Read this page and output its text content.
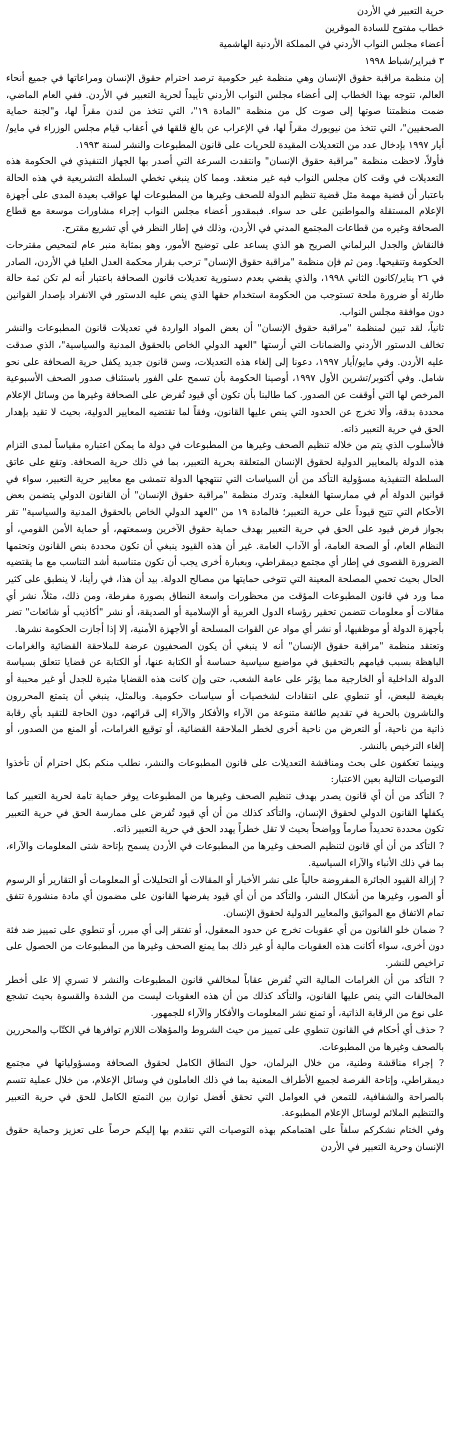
حرية التعبير في الأردن

خطاب مفتوح للسادة الموقرين

أعضاء مجلس النواب الأردني في المملكة الأردنية الهاشمية

٣ فبراير/شباط ١٩٩٨

إن منظمة مراقبة حقوق الإنسان وهي منظمة غير حكومية ترصد احترام حقوق الإنسان ومراعاتها في جميع أنحاء العالم، تتوجه بهذا الخطاب إلى أعضاء مجلس النواب الأردني تأييداً لحرية التعبير في الأردن. ففي العام الماضي، ضمت منظمتنا صوتها إلى صوت كل من منظمة "المادة ١٩"، التي تتخذ من لندن مقراً لها، و"لجنة حماية الصحفيين"، التي تتخذ من نيويورك مقراً لها، في الإعراب عن بالغ قلقها في أعقاب قيام مجلس الوزراء في مايو/أيار ١٩٩٧ بإدخال عدد من التعديلات المقيدة للحريات على قانون المطبوعات والنشر لسنة ١٩٩٣.

فأولاً، لاحظت منظمة "مراقبة حقوق الإنسان" وانتقدت السرعة التي أصدر بها الجهاز التنفيذي في الحكومة هذه التعديلات في وقت كان مجلس النواب فيه غير منعقد. ومما كان ينبغي تخطي السلطة التشريعية في هذه الحالة باعتبار أن قضية مهمة مثل قضية تنظيم الدولة للصحف وغيرها من المطبوعات لها عواقب بعيدة المدى على أجهزة الإعلام المستقلة والمواطنين على حد سواء. فبمقدور أعضاء مجلس النواب إجراء مشاورات موسعة مع قطاع الصحافة وغيره من قطاعات المجتمع المدني في الأردن، وذلك في إطار النظر في أي تشريع مقترح.

فالنقاش والجدل البرلماني الصريح هو الذي يساعد على توضيح الأمور، وهو بمثابة منبر عام لتمحيص مقترحات الحكومة وتنقيحها. ومن ثم فإن منظمة "مراقبة حقوق الإنسان" ترحب بقرار محكمة العدل العليا في الأردن، الصادر في ٢٦ يناير/كانون الثاني ١٩٩٨، والذي يقضي بعدم دستورية تعديلات قانون الصحافة باعتبار أنه لم تكن ثمة حالة طارئة أو ضرورة ملحة تستوجب من الحكومة استخدام حقها الذي ينص عليه الدستور في الانفراد بإصدار القوانين دون موافقة مجلس النواب.

ثانياً، لقد تبين لمنظمة "مراقبة حقوق الإنسان" أن بعض المواد الواردة في تعديلات قانون المطبوعات والنشر تخالف الدستور الأردني والضمانات التي أرستها "العهد الدولي الخاص بالحقوق المدنية والسياسية"، الذي صدقت عليه الأردن. وفي مايو/أيار ١٩٩٧، دعونا إلى إلغاء هذه التعديلات، وسن قانون جديد يكفل حرية الصحافة على نحو شامل. وفي أكتوبر/تشرين الأول ١٩٩٧، أوصينا الحكومة بأن تسمح على الفور باستئناف صدور الصحف الأسبوعية المرخص لها التي أوقفت عن الصدور. كما طالبنا بأن تكون أي قيود تُفرض على الصحافة وغيرها من وسائل الإعلام محددة بدقة، وألا تخرج عن الحدود التي ينص عليها القانون، وفقاً لما تقتضيه المعايير الدولية، بحيث لا تقيد بإهدار الحق في حرية التعبير ذاته.

فالأسلوب الذي يتم من خلاله تنظيم الصحف وغيرها من المطبوعات في دولة ما يمكن اعتباره مقياساً لمدى التزام هذه الدولة بالمعايير الدولية لحقوق الإنسان المتعلقة بحرية التعبير، بما في ذلك حرية الصحافة. وتقع على عاتق السلطة التنفيذية مسؤولية التأكد من أن السياسات التي تنتهجها الدولة تتمشى مع معايير حرية التعبير، سواء في قوانين الدولة أم في ممارستها الفعلية. وتدرك منظمة "مراقبة حقوق الإنسان" أن القانون الدولي يتضمن بعض الأحكام التي تتيح قيوداً على حرية التعبير؛ فالمادة ١٩ من "العهد الدولي الخاص بالحقوق المدنية والسياسية" تقر بجواز فرض قيود على الحق في حرية التعبير بهدف حماية حقوق الآخرين وسمعتهم، أو حماية الأمن القومي، أو النظام العام، أو الصحة العامة، أو الآداب العامة. غير أن هذه القيود ينبغي أن تكون محددة بنص القانون وتحتمها الضرورة القصوى في إطار أي مجتمع ديمقراطي، وبعبارة أخرى يجب أن تكون متناسبة أشد التناسب مع ما يقتضيه الحال بحيث تحمي المصلحة المعينة التي تتوخى حمايتها من مصالح الدولة. بيد أن هذا، في رأينا، لا ينطبق على كثير مما ورد في قانون المطبوعات المؤقت من محظورات واسعة النطاق بصورة مفرطة، ومن ذلك، مثلاً، نشر أي مقالات أو معلومات تتضمن تحقير رؤساء الدول العربية أو الإسلامية أو الصديقة، أو نشر "أكاذيب أو شائعات" تضر بأجهزة الدولة أو موظفيها، أو نشر أي مواد عن القوات المسلحة أو الأجهزة الأمنية، إلا إذا أجازت الحكومة نشرها.

وتعتقد منظمة "مراقبة حقوق الإنسان" أنه لا ينبغي أن يكون الصحفيون عرضة للملاحقة القضائية والغرامات الباهظة بسبب قيامهم بالتحقيق في مواضيع سياسية حساسة أو الكتابة عنها، أو الكتابة عن قضايا تتعلق بسياسة الدولة الداخلية أو الخارجية مما يؤثر على عامة الشعب، حتى وإن كانت هذه القضايا مثيرة للجدل أو غير محببة أو بغيضة للبعض، أو تنطوي على انتقادات لشخصيات أو سياسات حكومية. وبالمثل، ينبغي أن يتمتع المحررون والناشرون بالحرية في تقديم طائفة متنوعة من الآراء والأفكار والآراء إلى قرائهم، دون الحاجة للتقيد بأي رقابة ذاتية من ناحية، أو التعرض من ناحية أخرى لخطر الملاحقة القضائية، أو توقيع الغرامات، أو المنع من الصدور، أو إلغاء الترخيص بالنشر.

وبينما تعكفون على بحث ومناقشة التعديلات على قانون المطبوعات والنشر، نطلب منكم بكل احترام أن تأخذوا التوصيات التالية بعين الاعتبار:

? التأكد من أن أي قانون يصدر بهدف تنظيم الصحف وغيرها من المطبوعات يوفر حماية تامة لحرية التعبير كما يكفلها القانون الدولي لحقوق الإنسان، والتأكد كذلك من أن أي قيود تُفرض على ممارسة الحق في حرية التعبير تكون محددة تحديداً صارماً وواضحاً بحيث لا تقل خطراً يهدد الحق في حرية التعبير ذاته.

? التأكد من أن أي قانون لتنظيم الصحف وغيرها من المطبوعات في الأردن يسمح بإتاحة شتى المعلومات والآراء، بما في ذلك الأنباء والآراء السياسية.

? إزالة القيود الجائرة المفروضة حالياً على نشر الأخبار أو المقالات أو التحليلات أو المعلومات أو التقارير أو الرسوم أو الصور، وغيرها من أشكال النشر، والتأكد من أن أي قيود يفرضها القانون على مضمون أي مادة منشورة تتفق تمام الاتفاق مع المواثيق والمعايير الدولية لحقوق الإنسان.

? ضمان خلو القانون من أي عقوبات تخرج عن حدود المعقول، أو تفتقر إلى أي مبرر، أو تنطوي على تمييز ضد فئة دون أخرى، سواء أكانت هذه العقوبات مالية أو غير ذلك بما يمنع الصحف وغيرها من المطبوعات من الحصول على تراخيص للنشر.

? التأكد من أن الغرامات المالية التي تُفرض عقاباً لمخالفي قانون المطبوعات والنشر لا تسري إلا على أخطر المخالفات التي ينص عليها القانون، والتأكد كذلك من أن هذه العقوبات ليست من الشدة والقسوة بحيث تشجع على نوع من الرقابة الذاتية، أو تمنع نشر المعلومات والأفكار والآراء للجمهور.

? حذف أي أحكام في القانون تنطوي على تمييز من حيث الشروط والمؤهلات اللازم توافرها في الكتّاب والمحررين بالصحف وغيرها من المطبوعات.

? إجراء مناقشة وطنية، من خلال البرلمان، حول النطاق الكامل لحقوق الصحافة ومسؤولياتها في مجتمع ديمقراطي، وإتاحة الفرصة لجميع الأطراف المعنية بما في ذلك العاملون في وسائل الإعلام، من خلال عملية تتسم بالصراحة والشفافية، للتمعن في العوامل التي تحقق أفضل توازن بين التمتع الكامل للحق في حرية التعبير والتنظيم الملائم لوسائل الإعلام المطبوعة.

وفي الختام نشكركم سلفاً على اهتمامكم بهذه التوصيات التي نتقدم بها إليكم حرصاً على تعزيز وحماية حقوق الإنسان وحرية التعبير في الأردن
